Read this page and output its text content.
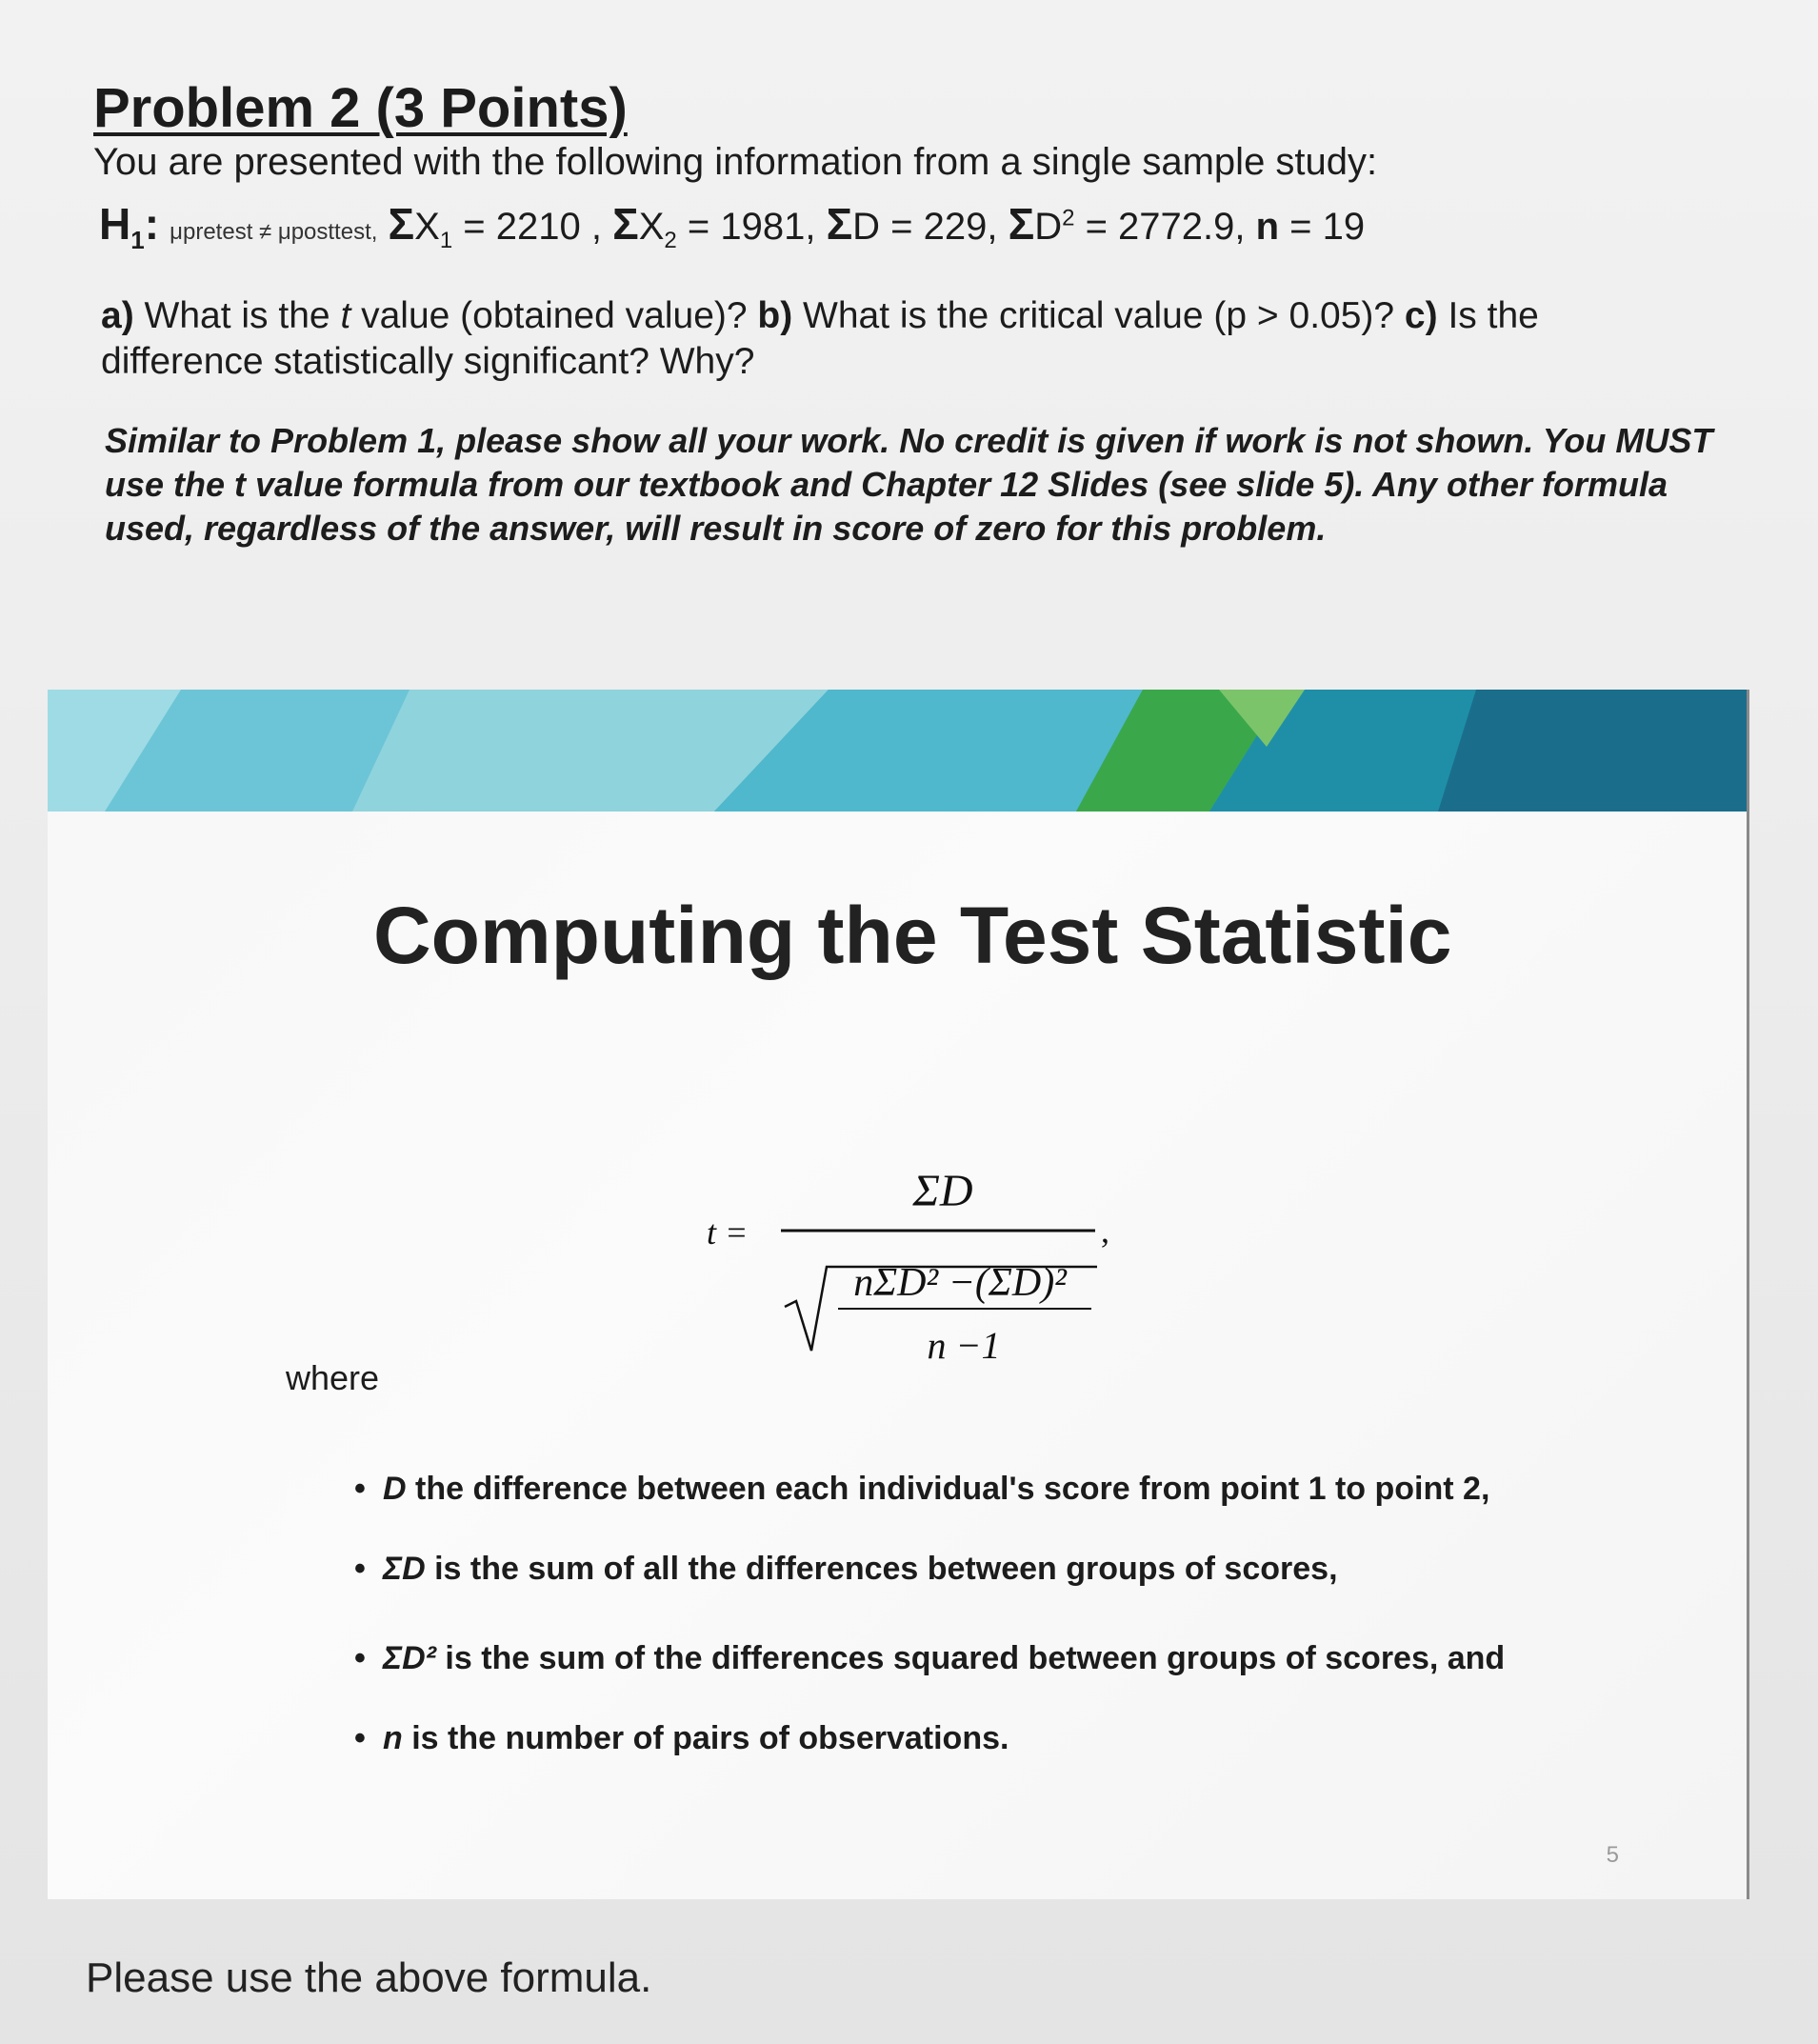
Problem 2 (3 Points)

You are presented with the following information from a single sample study:

$H_1$: μpretest ≠ μposttest, $\Sigma X_1 = 2210$ , $\Sigma X_2 = 1981$, ΣD = 229, $\Sigma D^2 = 2772.9$, n = 19

a) What is the t value (obtained value)? b) What is the critical value (p > 0.05)? c) Is the difference statistically significant? Why?

Similar to Problem 1, please show all your work. No credit is given if work is not shown. You MUST use the t value formula from our textbook and Chapter 12 Slides (see slide 5). Any other formula used, regardless of the answer, will result in score of zero for this problem.

Computing the Test Statistic
t =
ΣD
,
nΣD² −(ΣD)²
n −1

where

• D the difference between each individual's score from point 1 to point 2,
• ΣD is the sum of all the differences between groups of scores,
• ΣD² is the sum of the differences squared between groups of scores, and
• n is the number of pairs of observations.

5

Please use the above formula.
